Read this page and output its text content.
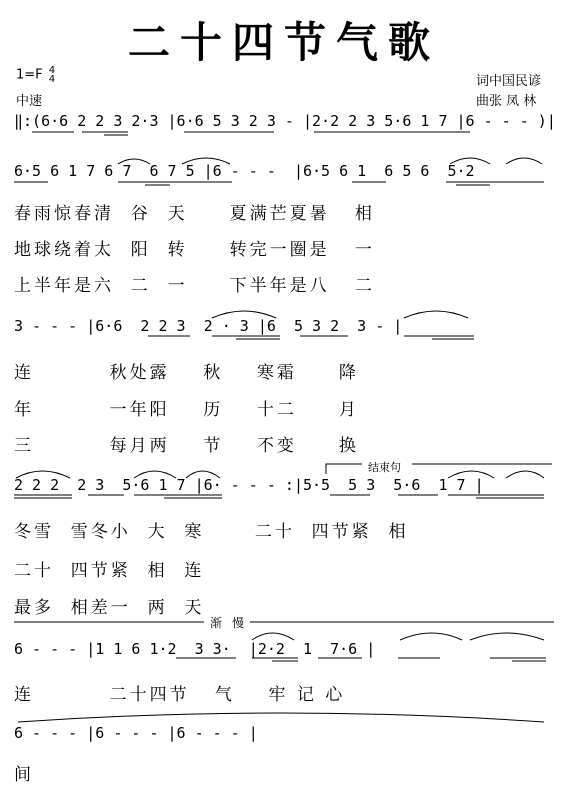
二十四节气歌
1=F 4
4
中速
词中国民谚
曲张 凤 林
‖:(6·6 2 2 3 2·3 |6·6 5 3 2 3 - |2·2 2 3 5·6 1 7 |6 - - - )|
6·5 6 1 7 6 7  6 7 5 |6 - - -  |6·5 6 1  6 5 6  5·2
春雨惊春清  谷  天     夏满芒夏暑   相
地球绕着太  阳  转     转完一圈是   一
上半年是六  二  一     下半年是八   二
3 - - - |6·6  2 2 3  2 · 3 |6  5 3 2  3 - |
连         秋处露    秋    寒霜     降
年         一年阳    历    十二     月
三         每月两    节    不变     换
结束句
2 2 2  2 3  5·6 1 7 |6· - - - :|5·5  5 3  5·6  1 7 |
冬雪  雪冬小  大  寒      二十  四节紧  相
二十  四节紧  相  连
最多  相差一  两  天
渐 慢
6 - - - |1 1 6 1·2  3 3·  |2·2  1  7·6 |
连         二十四节   气    牢 记 心
6 - - - |6 - - - |6 - - - |
间
